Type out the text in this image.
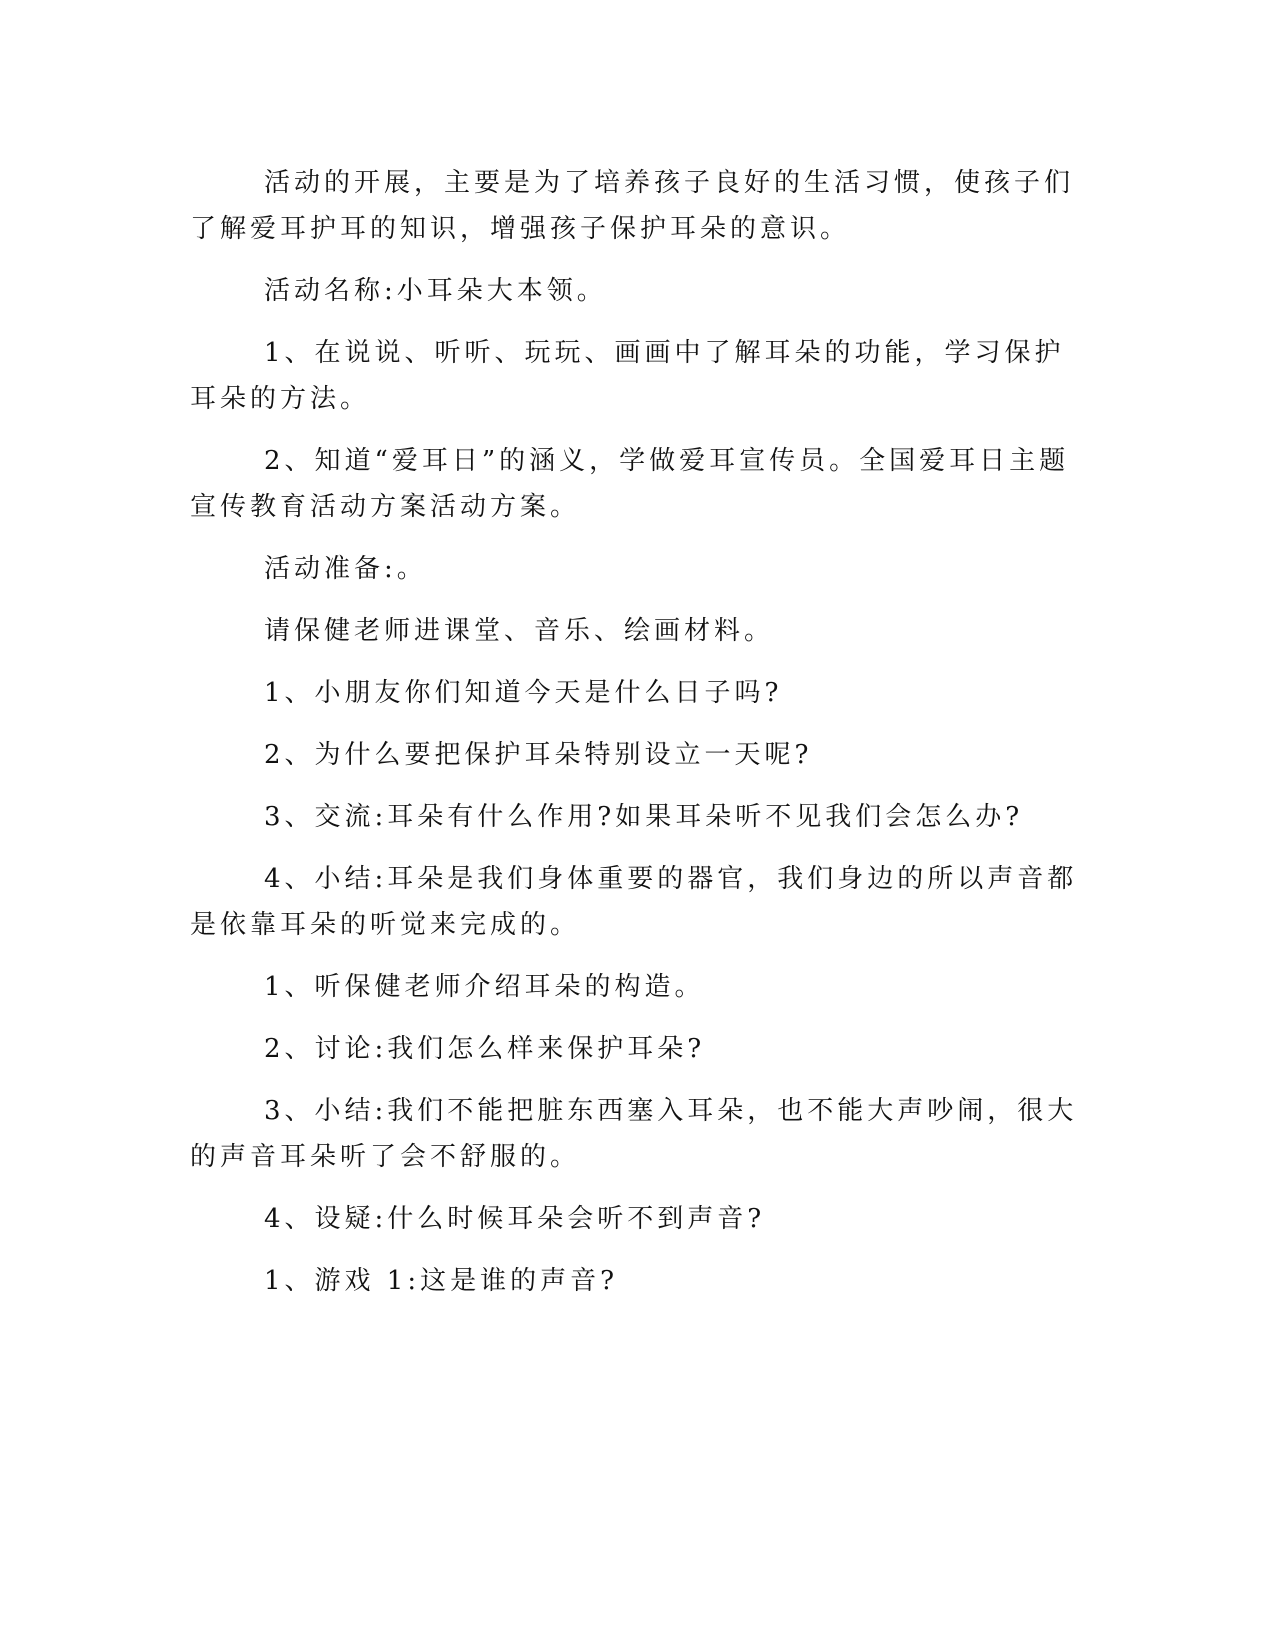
活动的开展，主要是为了培养孩子良好的生活习惯，使孩子们了解爱耳护耳的知识，增强孩子保护耳朵的意识。

活动名称:小耳朵大本领。

1、在说说、听听、玩玩、画画中了解耳朵的功能，学习保护耳朵的方法。

2、知道“爱耳日”的涵义，学做爱耳宣传员。全国爱耳日主题宣传教育活动方案活动方案。

活动准备:。

请保健老师进课堂、音乐、绘画材料。

1、小朋友你们知道今天是什么日子吗?

2、为什么要把保护耳朵特别设立一天呢?

3、交流:耳朵有什么作用?如果耳朵听不见我们会怎么办?

4、小结:耳朵是我们身体重要的器官，我们身边的所以声音都是依靠耳朵的听觉来完成的。

1、听保健老师介绍耳朵的构造。

2、讨论:我们怎么样来保护耳朵?

3、小结:我们不能把脏东西塞入耳朵，也不能大声吵闹，很大的声音耳朵听了会不舒服的。

4、设疑:什么时候耳朵会听不到声音?

1、游戏 1:这是谁的声音?
